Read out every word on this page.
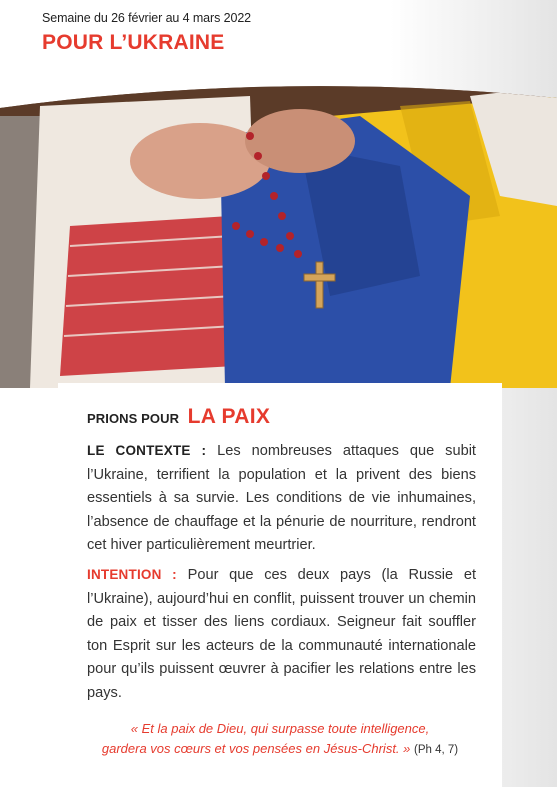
Semaine du 26 février au 4 mars 2022
POUR L’UKRAINE
PRIONS POUR LA PAIX

LE CONTEXTE : Les nombreuses attaques que subit l’Ukraine, terrifient la population et la privent des biens essentiels à sa survie. Les conditions de vie inhumaines, l’absence de chauffage et la pénurie de nourriture, rendront cet hiver particulièrement meurtrier.

INTENTION : Pour que ces deux pays (la Russie et l’Ukraine), aujourd’hui en conflit, puissent trouver un chemin de paix et tisser des liens cordiaux. Seigneur fait souffler ton Esprit sur les acteurs de la communauté internationale pour qu’ils puissent œuvrer à pacifier les relations entre les pays.

« Et la paix de Dieu, qui surpasse toute intelligence,
gardera vos cœurs et vos pensées en Jésus-Christ. » (Ph 4, 7)
